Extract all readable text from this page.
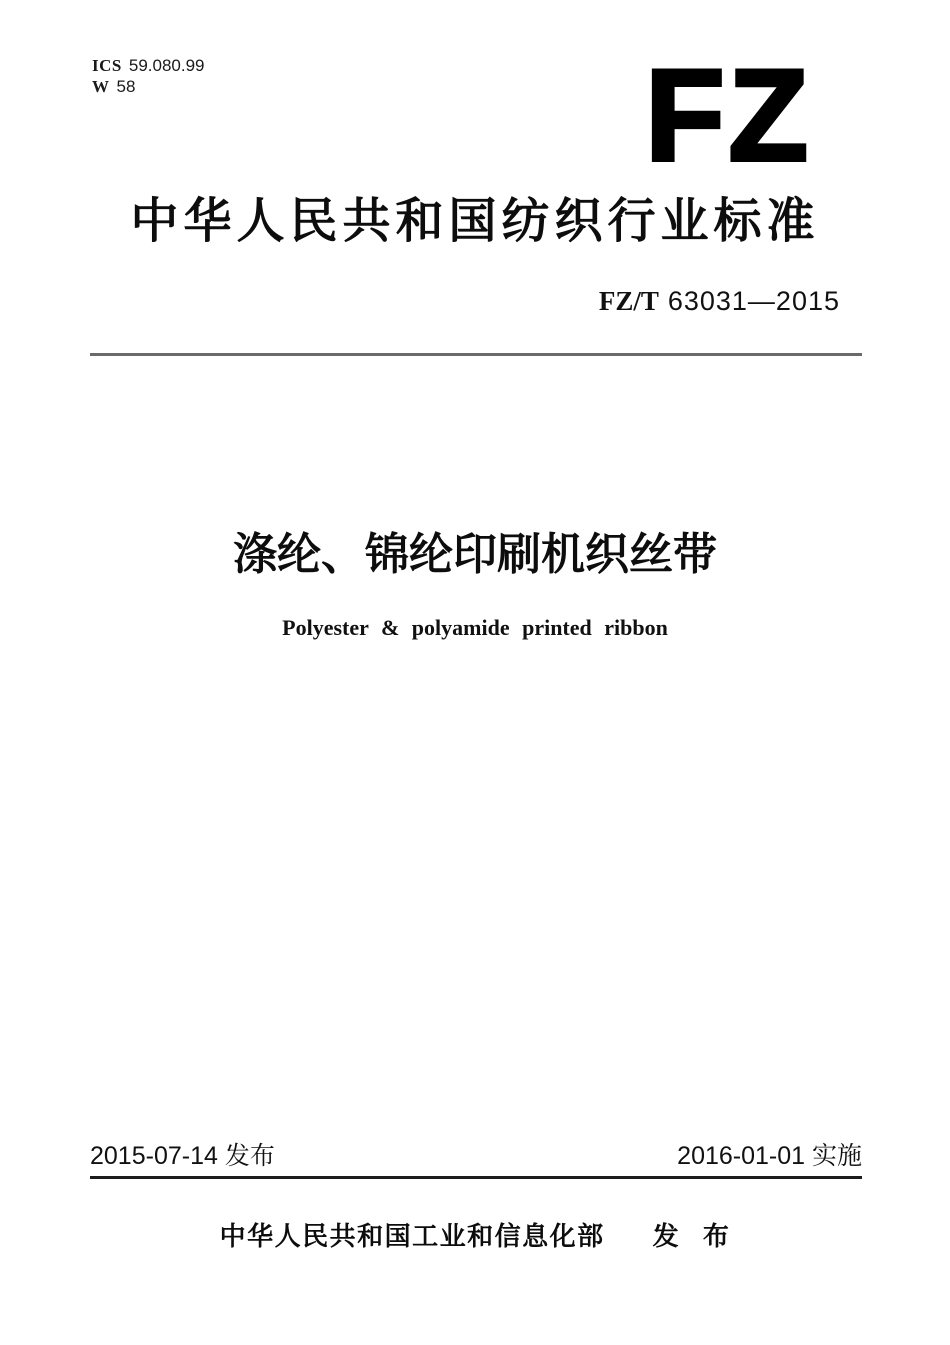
ICS 59.080.99
W 58	FZ
中华人民共和国纺织行业标准
FZ/T 63031—2015
涤纶、锦纶印刷机织丝带
Polyester & polyamide printed ribbon
2015-07-14 发布	2016-01-01 实施
中华人民共和国工业和信息化部 发 布
